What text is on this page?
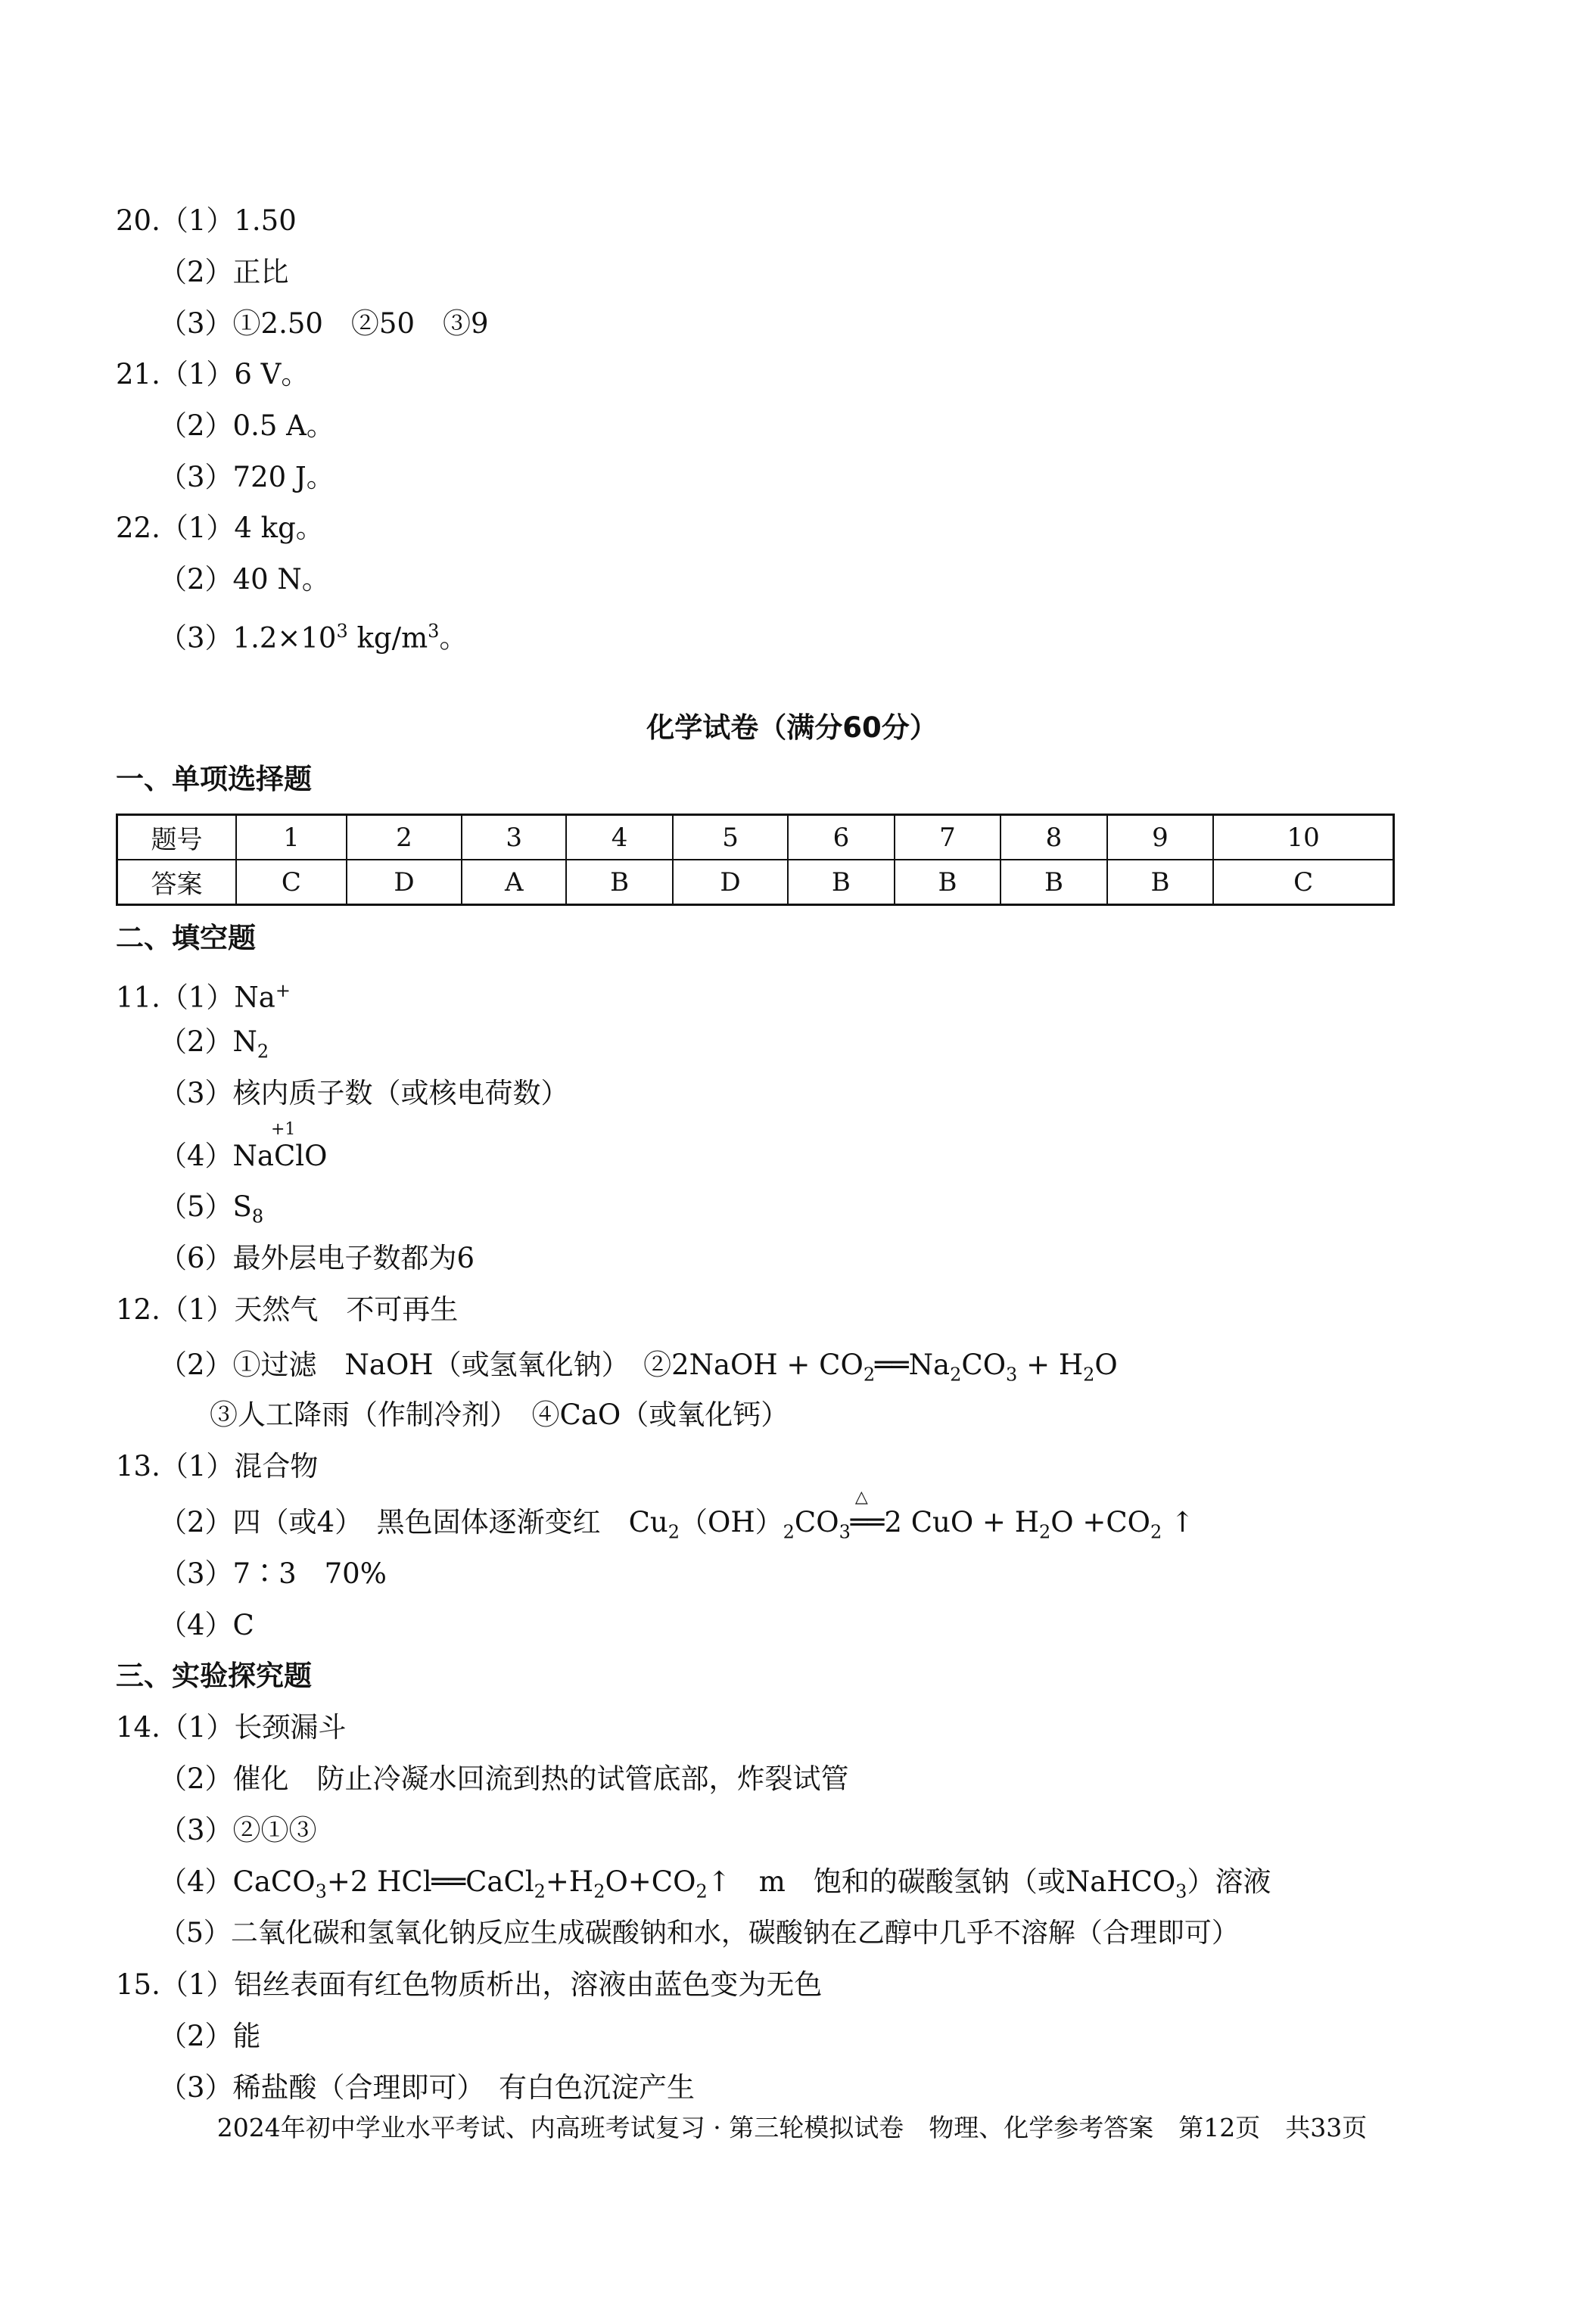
20.（1）1.50
（2）正比
（3）①2.50　②50　③9
21.（1）6 V。
（2）0.5 A。
（3）720 J。
22.（1）4 kg。
（2）40 N。
$(3)1.2\times 10^3$ $kg/m^3$。
化学试卷（满分60分）
一、单项选择题
题号	1	2	3	4	5	6	7	8	9	10
答案	C	D	A	B	D	B	B	B	B	C
二、填空题
11.（1）Na+
$(2)N_2$
（3）核内质子数（或核电荷数）
（4）Na
+1
ClO
$(5)S_8$
（6）最外层电子数都为6
12.（1）天然气　不可再生
（2）①过滤　NaOH（或氢氧化钠）　②2NaOH + $CO_2══Na_2CO_3 + H_2O$
③人工降雨（作制冷剂）　④CaO（或氧化钙）
13.（1）混合物
（2）四（或4）　黑色固体逐渐变红　$Cu_2(OH)_2CO_3$
△
══2 CuO + $H_2O +CO_2$ ↑
（3）7∶3　70%
（4）C
三、实验探究题
14.（1）长颈漏斗
（2）催化　防止冷凝水回流到热的试管底部，炸裂试管
（3）②①③
（4）CaCO$_3$+2 $HCl══CaCl_2+H_2O+CO_2↑$　m　饱和的碳酸氢钠（或NaHCO$_3$）溶液
（5）二氧化碳和氢氧化钠反应生成碳酸钠和水，碳酸钠在乙醇中几乎不溶解（合理即可）
15.（1）铝丝表面有红色物质析出，溶液由蓝色变为无色
（2）能
（3）稀盐酸（合理即可）　有白色沉淀产生
2024年初中学业水平考试、内高班考试复习 · 第三轮模拟试卷　物理、化学参考答案　第12页　共33页
